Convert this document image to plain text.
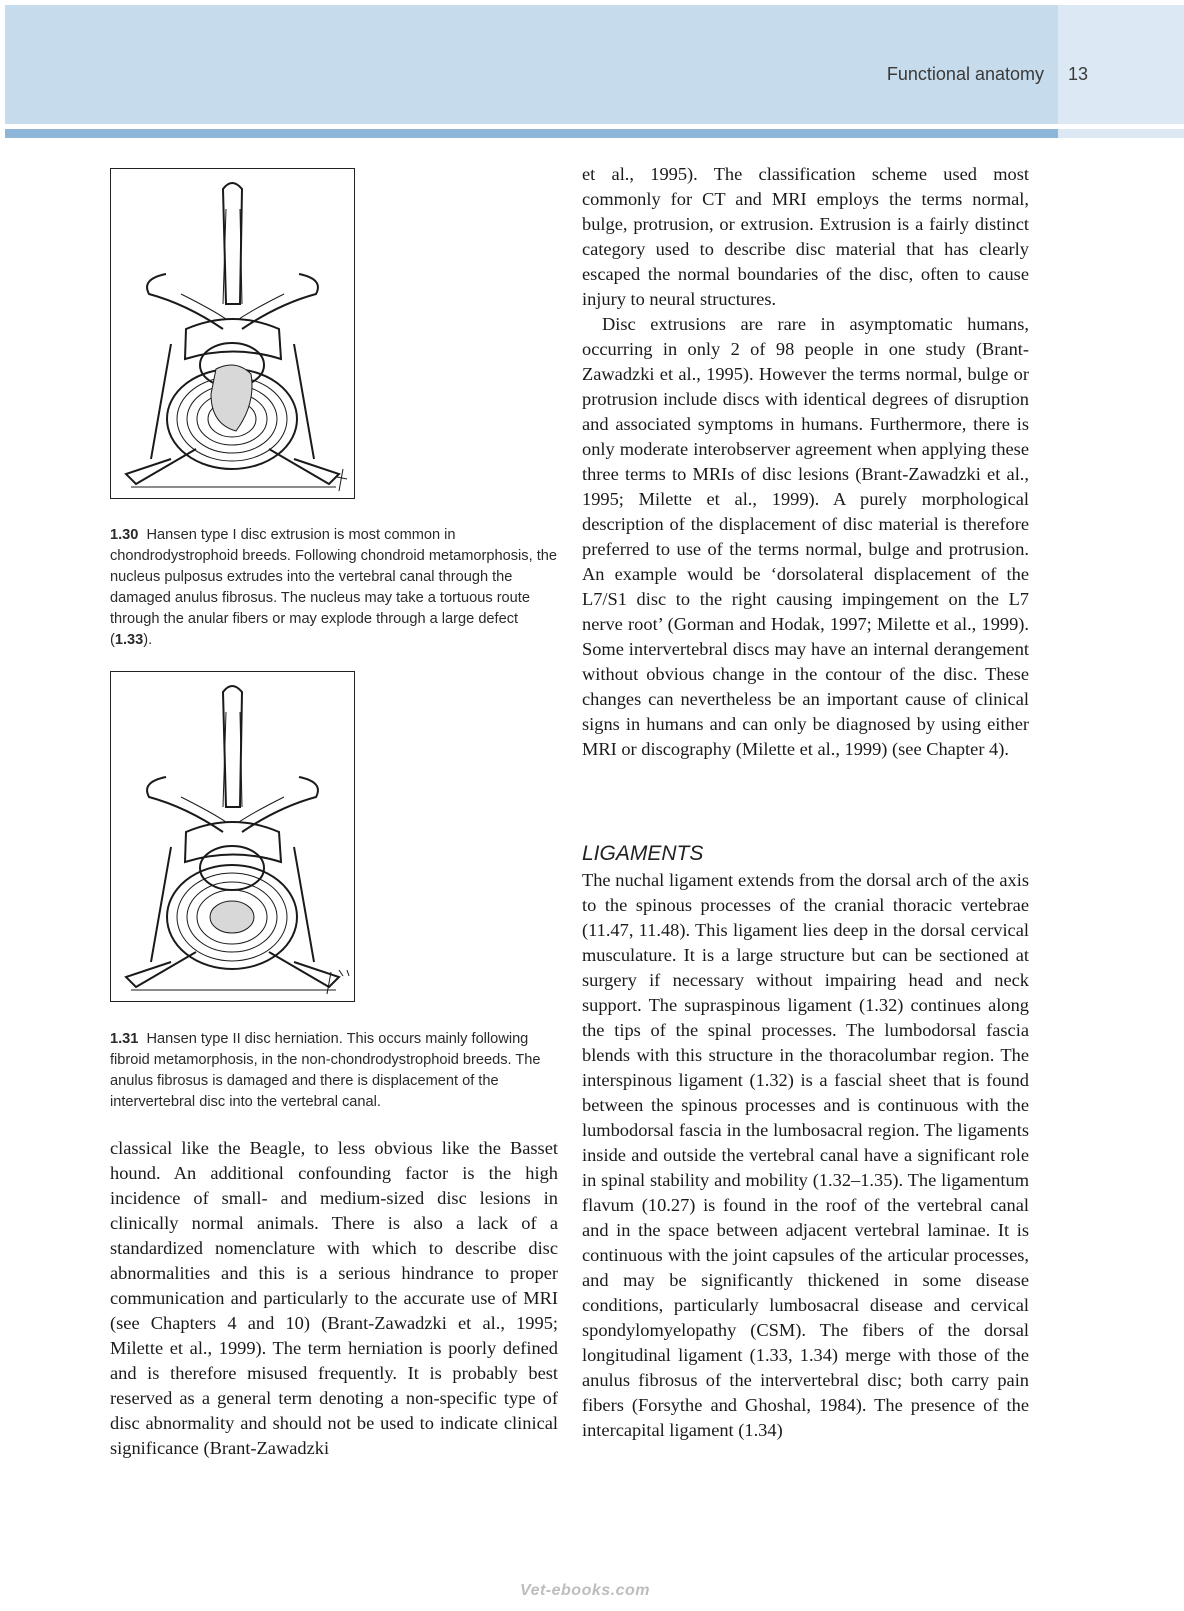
Functional anatomy 13
1.30 Hansen type I disc extrusion is most common in chondrodystrophoid breeds. Following chondroid metamorphosis, the nucleus pulposus extrudes into the vertebral canal through the damaged anulus fibrosus. The nucleus may take a tortuous route through the anular fibers or may explode through a large defect (1.33).
1.31 Hansen type II disc herniation. This occurs mainly following fibroid metamorphosis, in the non-chondrodystrophoid breeds. The anulus fibrosus is damaged and there is displacement of the intervertebral disc into the vertebral canal.

classical like the Beagle, to less obvious like the Basset hound. An additional confounding factor is the high incidence of small- and medium-sized disc lesions in clinically normal animals. There is also a lack of a standardized nomenclature with which to describe disc abnormalities and this is a serious hindrance to proper communication and particularly to the accurate use of MRI (see Chapters 4 and 10) (Brant-Zawadzki et al., 1995; Milette et al., 1999). The term herniation is poorly defined and is therefore misused frequently. It is probably best reserved as a general term denoting a non-specific type of disc abnormality and should not be used to indicate clinical significance (Brant-Zawadzki

et al., 1995). The classification scheme used most commonly for CT and MRI employs the terms normal, bulge, protrusion, or extrusion. Extrusion is a fairly distinct category used to describe disc material that has clearly escaped the normal boundaries of the disc, often to cause injury to neural structures.

Disc extrusions are rare in asymptomatic humans, occurring in only 2 of 98 people in one study (Brant-Zawadzki et al., 1995). However the terms normal, bulge or protrusion include discs with identical degrees of disruption and associated symptoms in humans. Furthermore, there is only moderate interobserver agreement when applying these three terms to MRIs of disc lesions (Brant-Zawadzki et al., 1995; Milette et al., 1999). A purely morphological description of the displacement of disc material is therefore preferred to use of the terms normal, bulge and protrusion. An example would be ‘dorsolateral displacement of the L7/S1 disc to the right causing impingement on the L7 nerve root’ (Gorman and Hodak, 1997; Milette et al., 1999). Some intervertebral discs may have an internal derangement without obvious change in the contour of the disc. These changes can nevertheless be an important cause of clinical signs in humans and can only be diagnosed by using either MRI or discography (Milette et al., 1999) (see Chapter 4).

LIGAMENTS

The nuchal ligament extends from the dorsal arch of the axis to the spinous processes of the cranial thoracic vertebrae (11.47, 11.48). This ligament lies deep in the dorsal cervical musculature. It is a large structure but can be sectioned at surgery if necessary without impairing head and neck support. The supraspinous ligament (1.32) continues along the tips of the spinal processes. The lumbodorsal fascia blends with this structure in the thoracolumbar region. The interspinous ligament (1.32) is a fascial sheet that is found between the spinous processes and is continuous with the lumbodorsal fascia in the lumbosacral region. The ligaments inside and outside the vertebral canal have a significant role in spinal stability and mobility (1.32–1.35). The ligamentum flavum (10.27) is found in the roof of the vertebral canal and in the space between adjacent vertebral laminae. It is continuous with the joint capsules of the articular processes, and may be significantly thickened in some disease conditions, particularly lumbosacral disease and cervical spondylomyelopathy (CSM). The fibers of the dorsal longitudinal ligament (1.33, 1.34) merge with those of the anulus fibrosus of the intervertebral disc; both carry pain fibers (Forsythe and Ghoshal, 1984). The presence of the intercapital ligament (1.34)

Vet-ebooks.com
